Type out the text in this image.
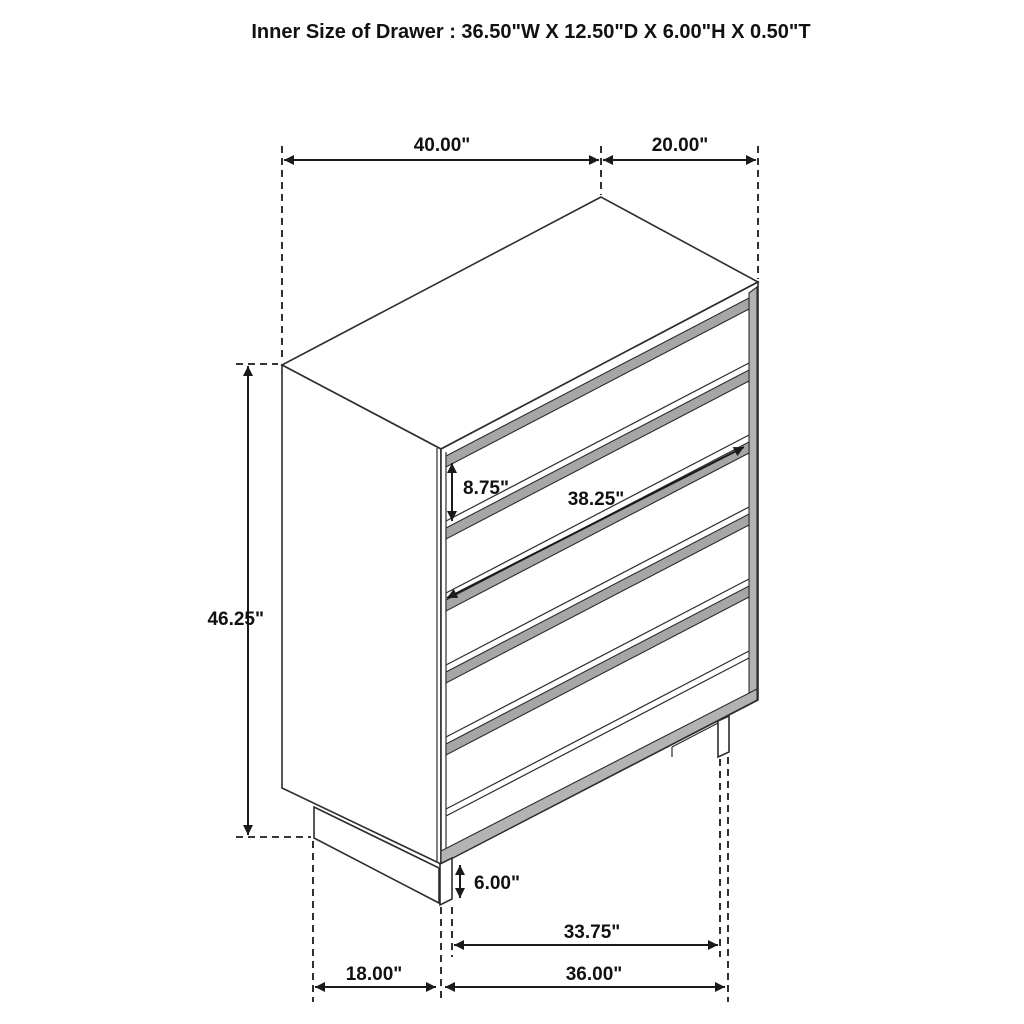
Inner Size of Drawer : 36.50"W X 12.50"D X 6.00"H X 0.50"T
40.00"	20.00"
46.25"
8.75"
38.25"
6.00"
33.75"
36.00"
18.00"
